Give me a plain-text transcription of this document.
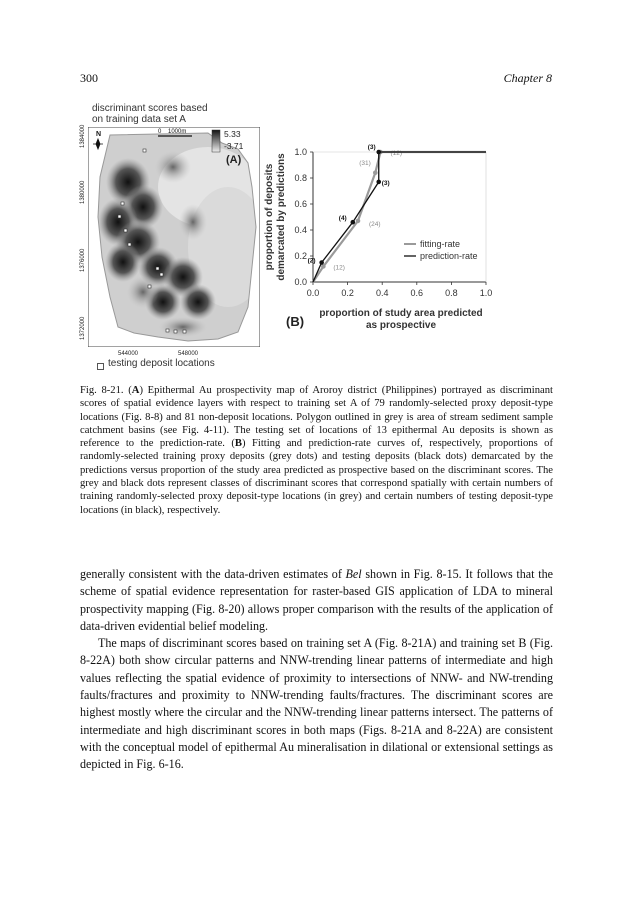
300	Chapter 8
discriminant scores based
on training data set A
N	0 1000m	5.33
-3.71
(A)
1384000
1380000
1376000
1372000
544000	548000
testing deposit locations
0.0 0.2 0.4 0.6 0.8 1.0
0.0
0.2
0.4
0.6
0.8
1.0
proportion of deposits demarcated by predictions	(12)
(24)
(31)
(12)
(2)
(4)
(3)
(3)
fitting-rate
prediction-rate
(B)
proportion of study area predicted
as prospective
Fig. 8-21. (A) Epithermal Au prospectivity map of Aroroy district (Philippines) portrayed as discriminant scores of spatial evidence layers with respect to training set A of 79 randomly-selected proxy deposit-type locations (Fig. 8-8) and 81 non-deposit locations. Polygon outlined in grey is area of stream sediment sample catchment basins (see Fig. 4-11). The testing set of locations of 13 epithermal Au deposits is shown as reference to the prediction-rate. (B) Fitting and prediction-rate curves of, respectively, proportions of randomly-selected training proxy deposits (grey dots) and testing deposits (black dots) demarcated by the predictions versus proportion of the study area predicted as prospective based on the discriminant scores. The grey and black dots represent classes of discriminant scores that correspond spatially with certain numbers of training randomly-selected proxy deposit-type locations (in grey) and certain numbers of testing deposit-type locations (in black), respectively.

generally consistent with the data-driven estimates of Bel shown in Fig. 8-15. It follows that the scheme of spatial evidence representation for raster-based GIS application of LDA to mineral prospectivity mapping (Fig. 8-20) allows proper comparison with the results of the application of data-driven evidential belief modeling.

The maps of discriminant scores based on training set A (Fig. 8-21A) and training set B (Fig. 8-22A) both show circular patterns and NNW-trending linear patterns of intermediate and high values reflecting the spatial evidence of proximity to intersections of NNW- and NW-trending faults/fractures and proximity to NNW-trending faults/fractures. The discriminant scores are highest mostly where the circular and the NNW-trending linear patterns intersect. The patterns of intermediate and high discriminant scores in both maps (Figs. 8-21A and 8-22A) are consistent with the conceptual model of epithermal Au mineralisation in dilational or extensional settings as depicted in Fig. 6-16.
